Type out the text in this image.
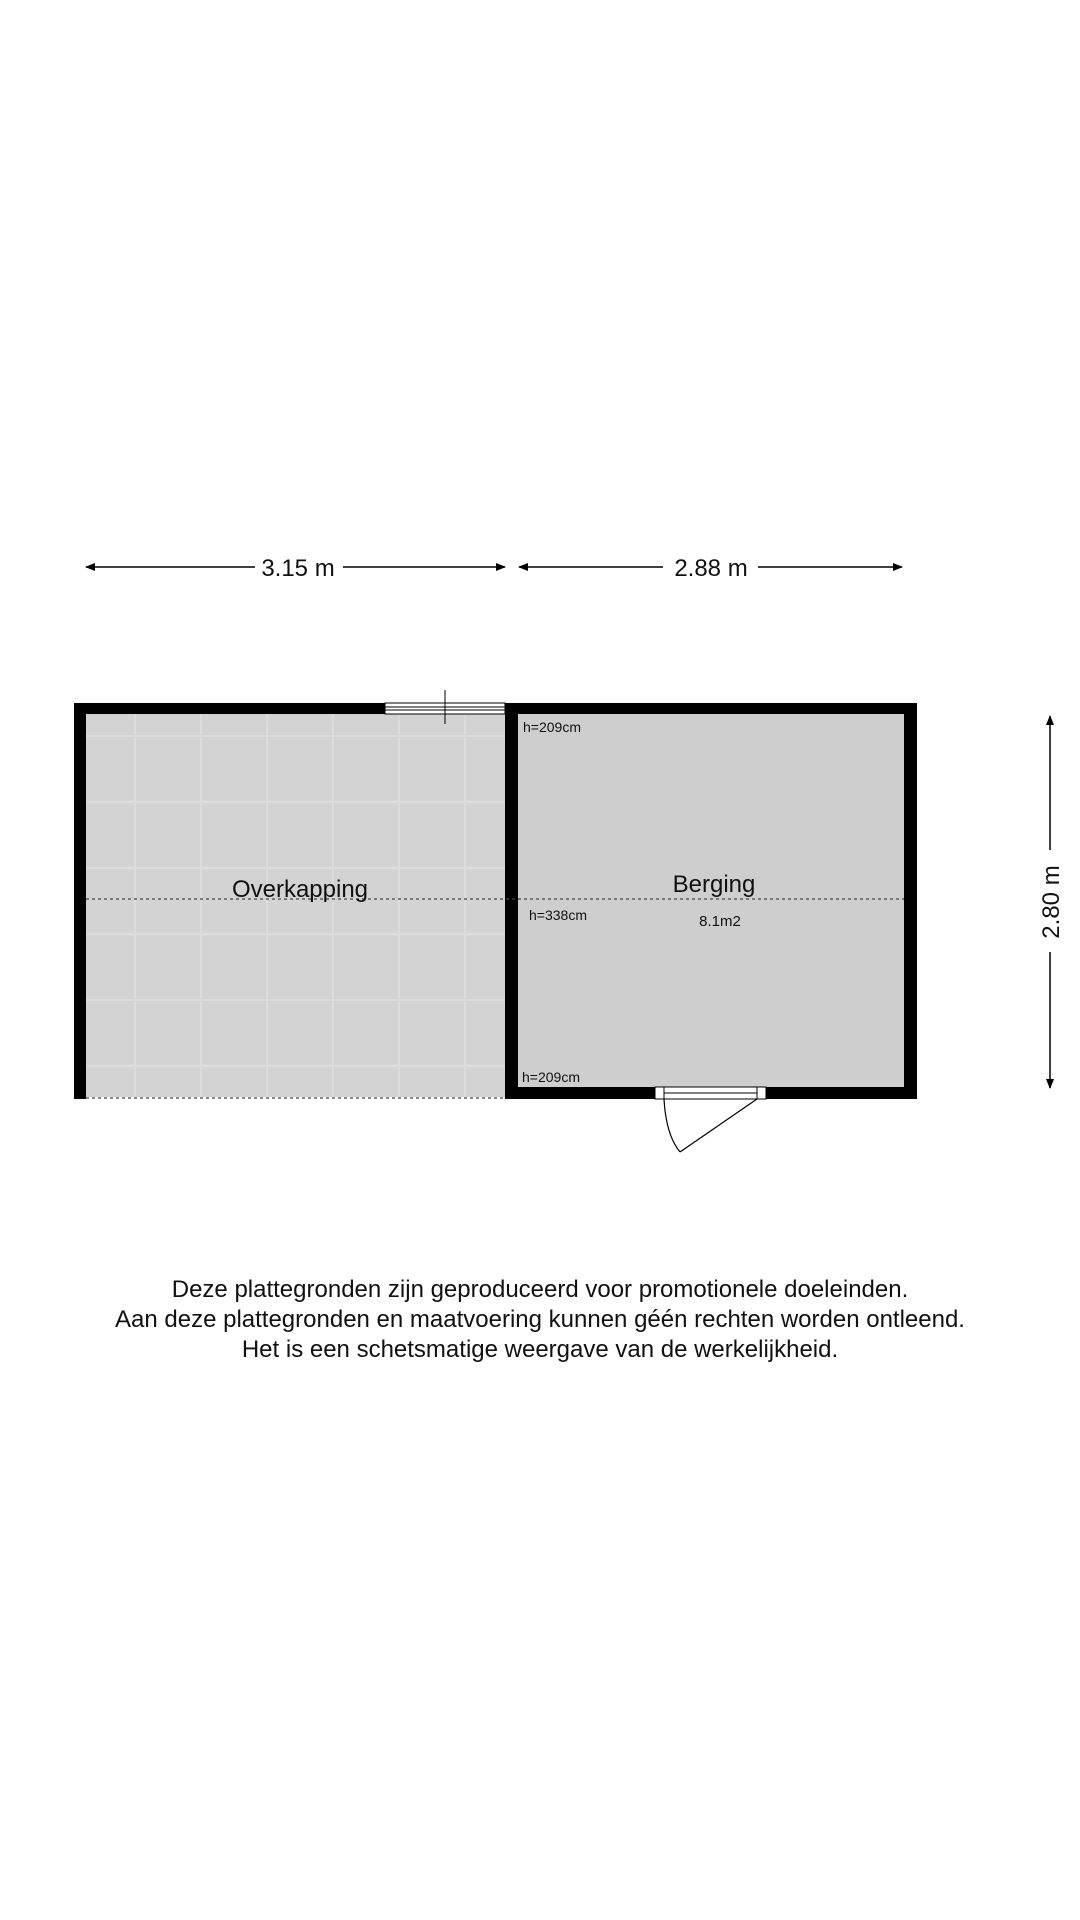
3.15 m	2.88 m
2.80 m
Overkapping	Berging
8.1m2
h=209cm
h=338cm
h=209cm
Deze plattegronden zijn geproduceerd voor promotionele doeleinden.
Aan deze plattegronden en maatvoering kunnen géén rechten worden ontleend.
Het is een schetsmatige weergave van de werkelijkheid.
